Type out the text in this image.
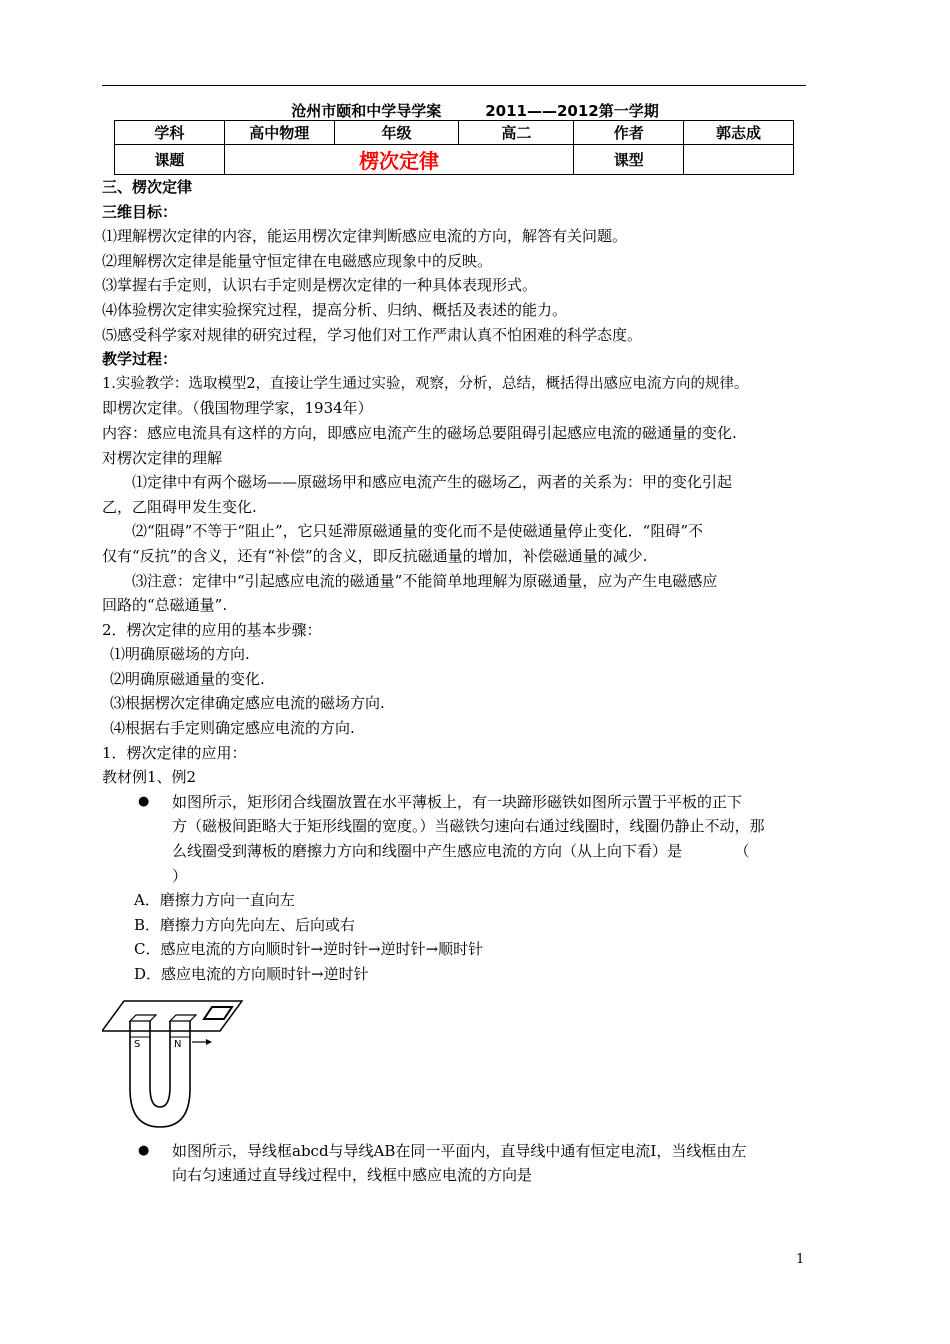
沧州市颐和中学导学案	2011——2012第一学期
学科	高中物理	年级	高二	作者	郭志成
课题	楞次定律			课型	

三、楞次定律

三维目标：

⑴理解楞次定律的内容，能运用楞次定律判断感应电流的方向，解答有关问题。

⑵理解楞次定律是能量守恒定律在电磁感应现象中的反映。

⑶掌握右手定则，认识右手定则是楞次定律的一种具体表现形式。

⑷体验楞次定律实验探究过程，提高分析、归纳、概括及表述的能力。

⑸感受科学家对规律的研究过程，学习他们对工作严肃认真不怕困难的科学态度。

教学过程：

1.实验教学：选取模型2，直接让学生通过实验，观察，分析，总结，概括得出感应电流方向的规律。

即楞次定律。（俄国物理学家，1934年）

内容：感应电流具有这样的方向，即感应电流产生的磁场总要阻碍引起感应电流的磁通量的变化.

对楞次定律的理解

⑴定律中有两个磁场——原磁场甲和感应电流产生的磁场乙，两者的关系为：甲的变化引起

乙，乙阻碍甲发生变化.

⑵“阻碍”不等于“阻止”，它只延滞原磁通量的变化而不是使磁通量停止变化．“阻碍”不

仅有“反抗”的含义，还有“补偿”的含义，即反抗磁通量的增加，补偿磁通量的减少.

⑶注意：定律中“引起感应电流的磁通量”不能简单地理解为原磁通量，应为产生电磁感应

回路的“总磁通量”.

2．楞次定律的应用的基本步骤：

⑴明确原磁场的方向.

⑵明确原磁通量的变化.

⑶根据楞次定律确定感应电流的磁场方向.

⑷根据右手定则确定感应电流的方向.

1．楞次定律的应用：

教材例1、例2

● 如图所示，矩形闭合线圈放置在水平薄板上，有一块蹄形磁铁如图所示置于平板的正下
方（磁极间距略大于矩形线圈的宽度。）当磁铁匀速向右通过线圈时，线圈仍静止不动，那
么线圈受到薄板的磨擦力方向和线圈中产生感应电流的方向（从上向下看）是　　　　（
）

A．磨擦力方向一直向左

B．磨擦力方向先向左、后向或右

C．感应电流的方向顺时针→逆时针→逆时针→顺时针

D．感应电流的方向顺时针→逆时针

S	N
● 如图所示，导线框abcd与导线AB在同一平面内，直导线中通有恒定电流I，当线框由左
向右匀速通过直导线过程中，线框中感应电流的方向是
1
